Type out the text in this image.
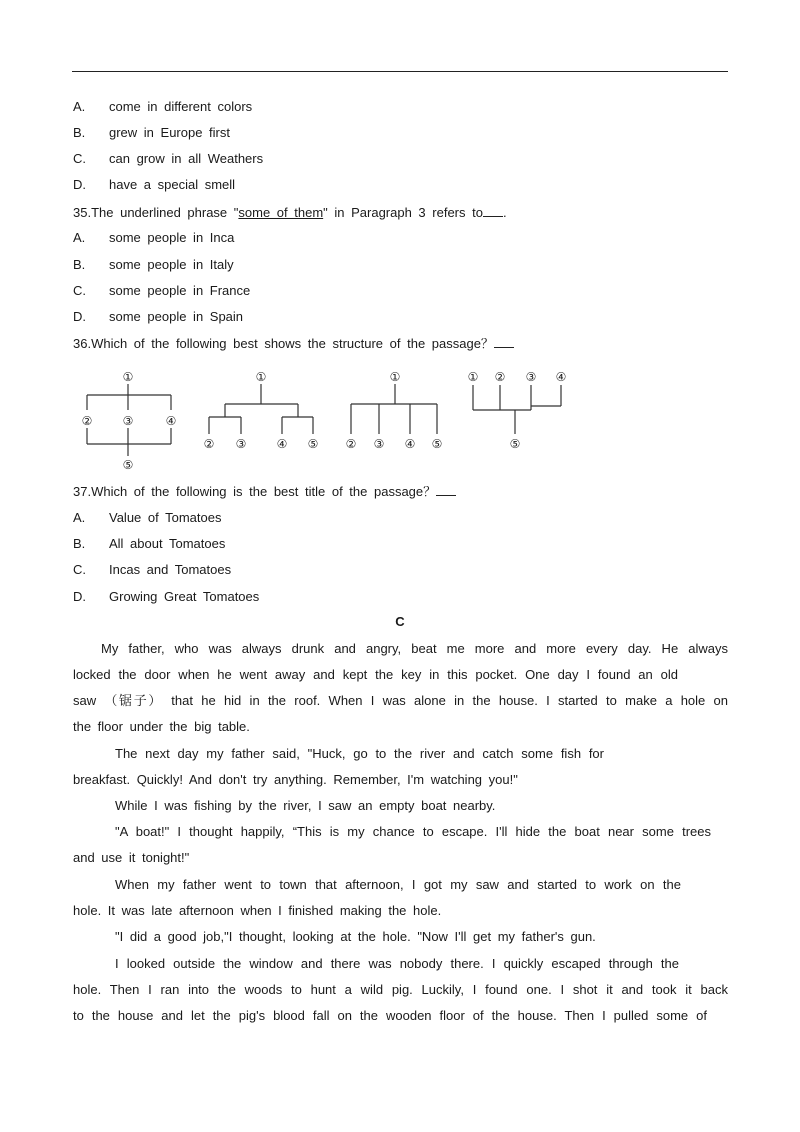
A. come in different colors
B. grew in Europe first
C. can grow in all Weathers
D. have a special smell
35.The underlined phrase "some of them" in Paragraph 3 refers to .
A. some people in Inca
B. some people in Italy
C. some people in France
D. some people in Spain
36.Which of the following best shows the structure of the passage？
①
②	③	④
⑤
①
② ③	④ ⑤
①
② ③ ④ ⑤
① ② ③ ④
⑤
37.Which of the following is the best title of the passage？
A. Value of Tomatoes
B. All about Tomatoes
C. Incas and Tomatoes
D. Growing Great Tomatoes
C
My father, who was always drunk and angry, beat me more and more every day. He always
locked the door when he went away and kept the key in this pocket. One day I found an old
saw （锯子） that he hid in the roof. When I was alone in the house. I started to make a hole on
the floor under the big table.
The next day my father said, "Huck, go to the river and catch some fish for
breakfast. Quickly! And don't try anything. Remember, I'm watching you!"
While I was fishing by the river, I saw an empty boat nearby.
"A boat!" I thought happily, “This is my chance to escape. I'll hide the boat near some trees
and use it tonight!"
When my father went to town that afternoon, I got my saw and started to work on the
hole. It was late afternoon when I finished making the hole.
"I did a good job,"I thought, looking at the hole. "Now I'll get my father's gun.
I looked outside the window and there was nobody there. I quickly escaped through the
hole. Then I ran into the woods to hunt a wild pig. Luckily, I found one. I shot it and took it back
to the house and let the pig's blood fall on the wooden floor of the house. Then I pulled some of
